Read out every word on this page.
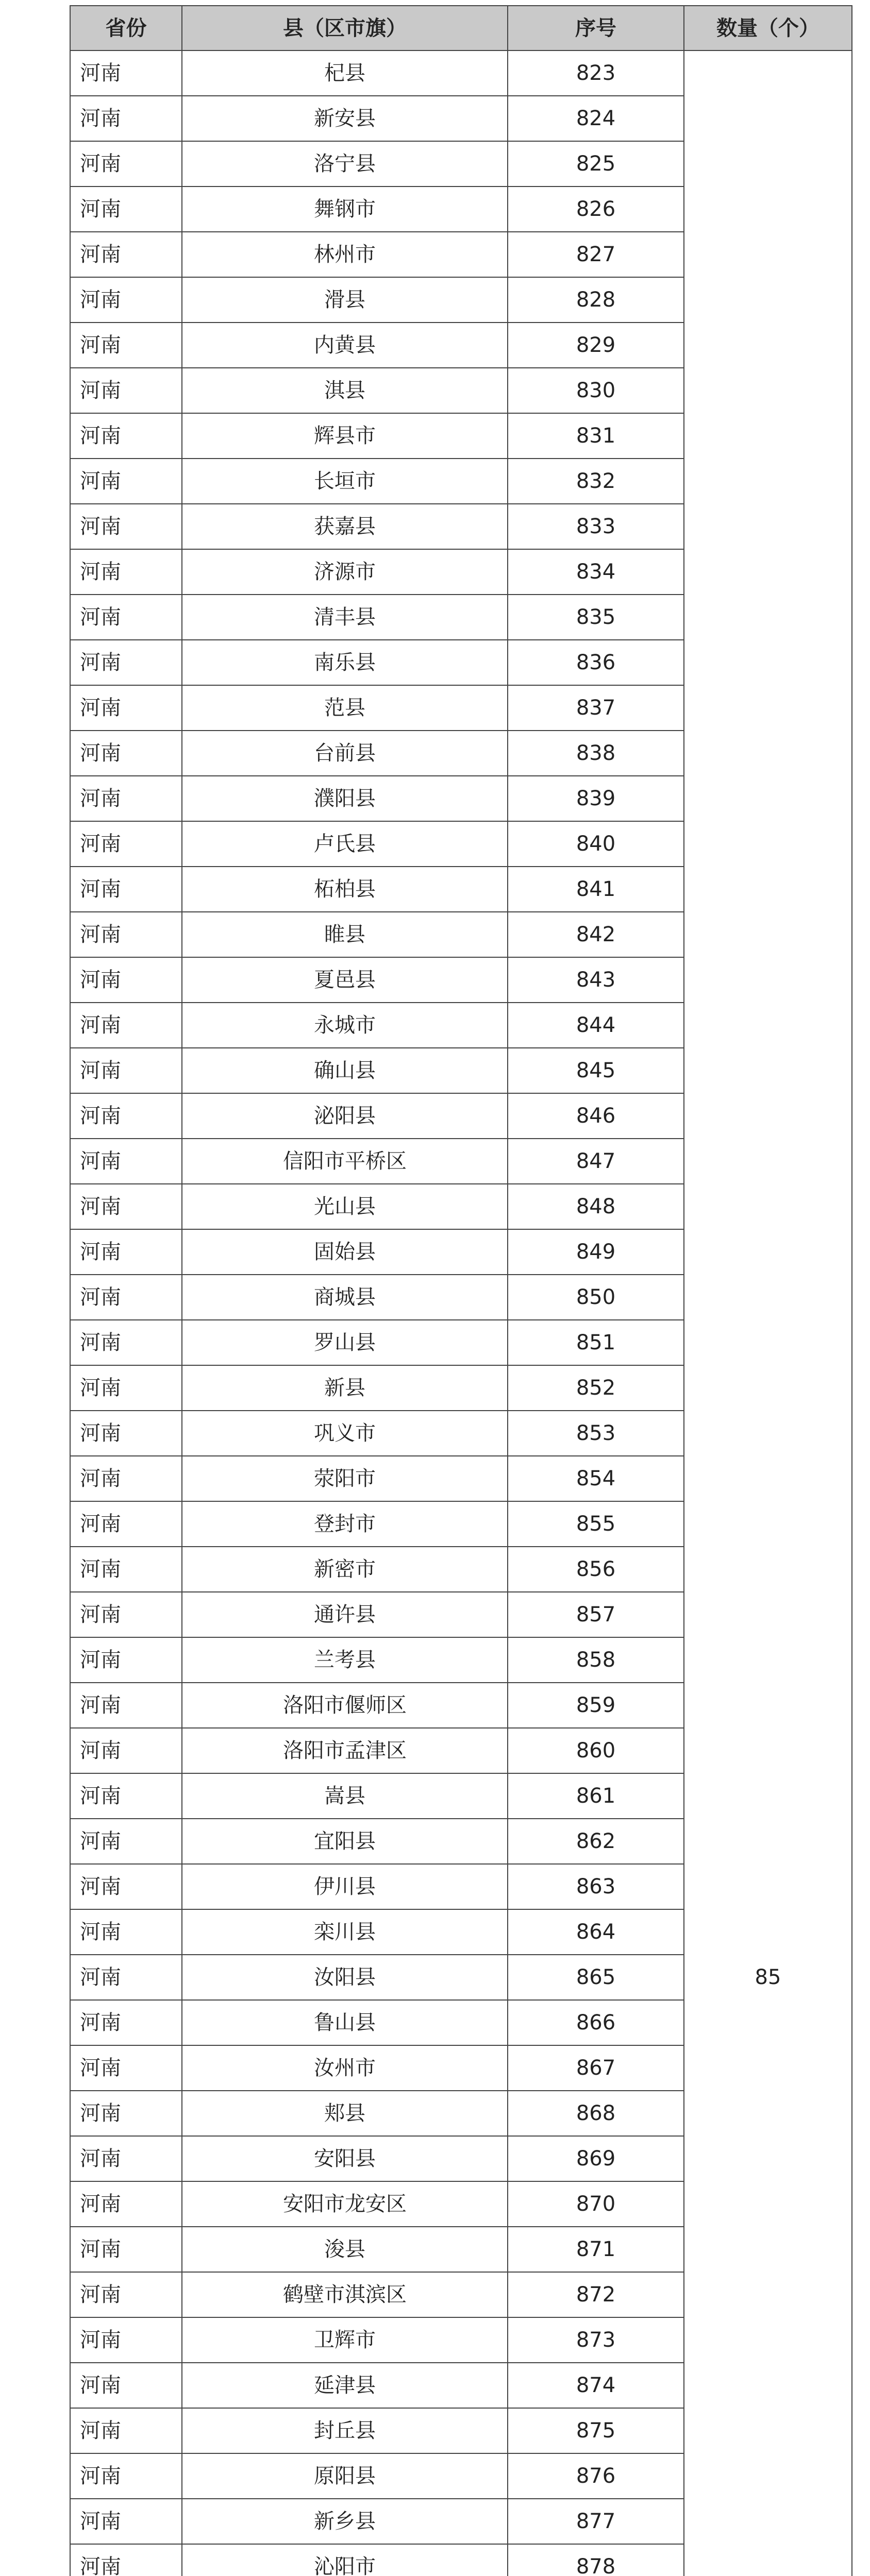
省份	县（区市旗）	序号	数量（个）
河南	杞县	823	85
河南	新安县	824	
河南	洛宁县	825	
河南	舞钢市	826	
河南	林州市	827	
河南	滑县	828	
河南	内黄县	829	
河南	淇县	830	
河南	辉县市	831	
河南	长垣市	832	
河南	获嘉县	833	
河南	济源市	834	
河南	清丰县	835	
河南	南乐县	836	
河南	范县	837	
河南	台前县	838	
河南	濮阳县	839	
河南	卢氏县	840	
河南	柘柏县	841	
河南	睢县	842	
河南	夏邑县	843	
河南	永城市	844	
河南	确山县	845	
河南	泌阳县	846	
河南	信阳市平桥区	847	
河南	光山县	848	
河南	固始县	849	
河南	商城县	850	
河南	罗山县	851	
河南	新县	852	
河南	巩义市	853	
河南	荥阳市	854	
河南	登封市	855	
河南	新密市	856	
河南	通许县	857	
河南	兰考县	858	
河南	洛阳市偃师区	859	
河南	洛阳市孟津区	860	
河南	嵩县	861	
河南	宜阳县	862	
河南	伊川县	863	
河南	栾川县	864	
河南	汝阳县	865	
河南	鲁山县	866	
河南	汝州市	867	
河南	郏县	868	
河南	安阳县	869	
河南	安阳市龙安区	870	
河南	浚县	871	
河南	鹤壁市淇滨区	872	
河南	卫辉市	873	
河南	延津县	874	
河南	封丘县	875	
河南	原阳县	876	
河南	新乡县	877	
河南	沁阳市	878	
